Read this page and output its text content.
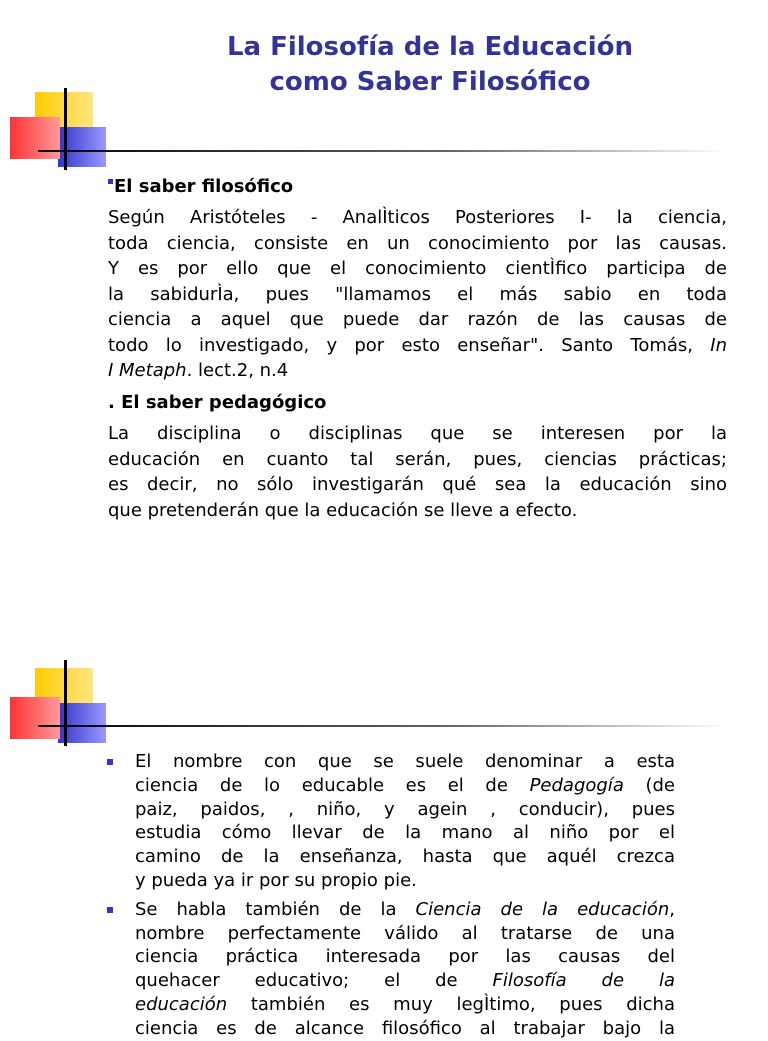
La Filosofía de la Educación
como Saber Filosófico
El saber filosófico
Según Aristóteles - AnalÌticos Posteriores I- la ciencia,
toda ciencia, consiste en un conocimiento por las causas.
Y es por ello que el conocimiento cientÌfico participa de
la sabidurÌa, pues "llamamos el más sabio en toda
ciencia a aquel que puede dar razón de las causas de
todo lo investigado, y por esto enseñar". Santo Tomás, In
I Metaph. lect.2, n.4
. El saber pedagógico
La disciplina o disciplinas que se interesen por la
educación en cuanto tal serán, pues, ciencias prácticas;
es decir, no sólo investigarán qué sea la educación sino
que pretenderán que la educación se lleve a efecto.
El nombre con que se suele denominar a esta
ciencia de lo educable es el de Pedagogía (de
paiz, paidos, , niño, y agein , conducir), pues
estudia cómo llevar de la mano al niño por el
camino de la enseñanza, hasta que aquél crezca
y pueda ya ir por su propio pie.
Se habla también de la Ciencia de la educación,
nombre perfectamente válido al tratarse de una
ciencia práctica interesada por las causas del
quehacer educativo; el de Filosofía de la
educación también es muy legÌtimo, pues dicha
ciencia es de alcance filosófico al trabajar bajo la
